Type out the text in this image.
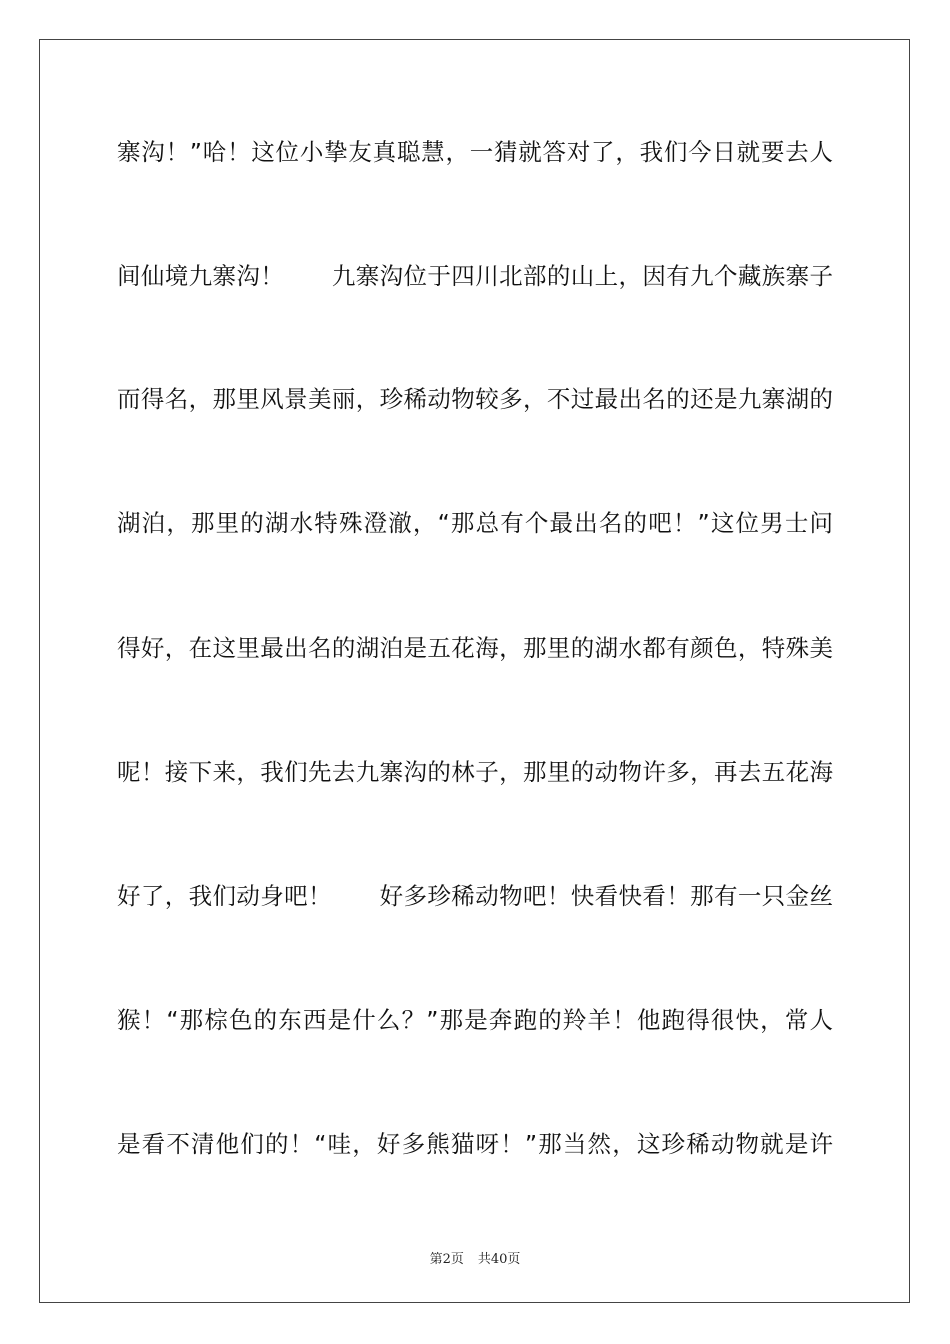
寨沟！”哈！这位小挚友真聪慧，一猜就答对了，我们今日就要去人
间仙境九寨沟！　　九寨沟位于四川北部的山上，因有九个藏族寨子
而得名，那里风景美丽，珍稀动物较多，不过最出名的还是九寨湖的
湖泊，那里的湖水特殊澄澈，“那总有个最出名的吧！”这位男士问
得好，在这里最出名的湖泊是五花海，那里的湖水都有颜色，特殊美
呢！接下来，我们先去九寨沟的林子，那里的动物许多，再去五花海
好了，我们动身吧！　　好多珍稀动物吧！快看快看！那有一只金丝
猴！“那棕色的东西是什么？”那是奔跑的羚羊！他跑得很快，常人
是看不清他们的！“哇，好多熊猫呀！”那当然，这珍稀动物就是许
第2页 共40页
